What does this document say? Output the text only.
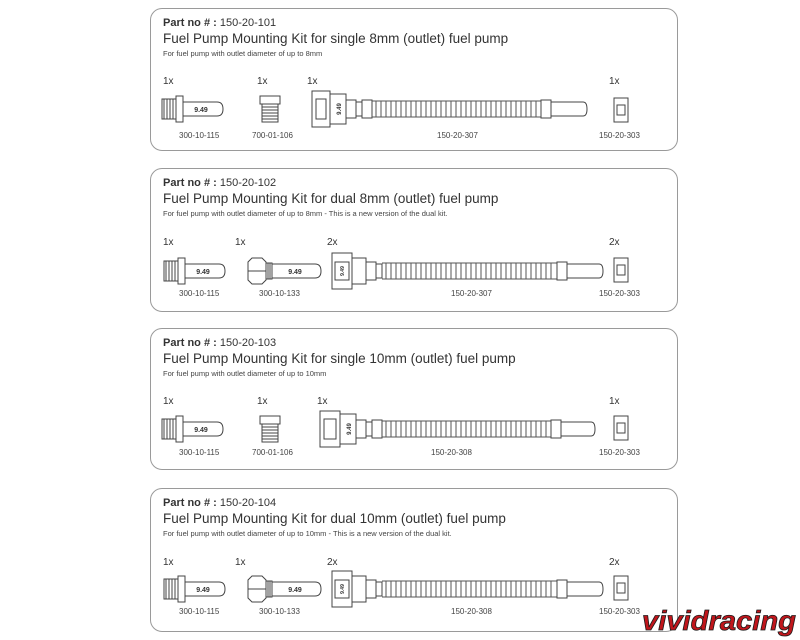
Part no # : 150-20-101
Fuel Pump Mounting Kit for single 8mm (outlet) fuel pump
For fuel pump with outlet diameter of up to 8mm
1x
9.49
300-10-115
1x
700-01-106
1x
9.49
150-20-307
1x
150-20-303
Part no # : 150-20-102
Fuel Pump Mounting Kit for dual 8mm (outlet) fuel pump
For fuel pump with outlet diameter of up to 8mm - This is a new version of the dual kit.
1x
9.49
300-10-115
1x
9.49
300-10-133
2x
9.49
150-20-307
2x
150-20-303
Part no # : 150-20-103
Fuel Pump Mounting Kit for single 10mm (outlet) fuel pump
For fuel pump with outlet diameter of up to 10mm
1x
9.49
300-10-115
1x
700-01-106
1x
9.49
150-20-308
1x
150-20-303
Part no # : 150-20-104
Fuel Pump Mounting Kit for dual 10mm (outlet) fuel pump
For fuel pump with outlet diameter of up to 10mm - This is a new version of the dual kit.
1x
9.49
300-10-115
1x
9.49
300-10-133
2x
9.49
150-20-308
2x
150-20-303 vividracing
